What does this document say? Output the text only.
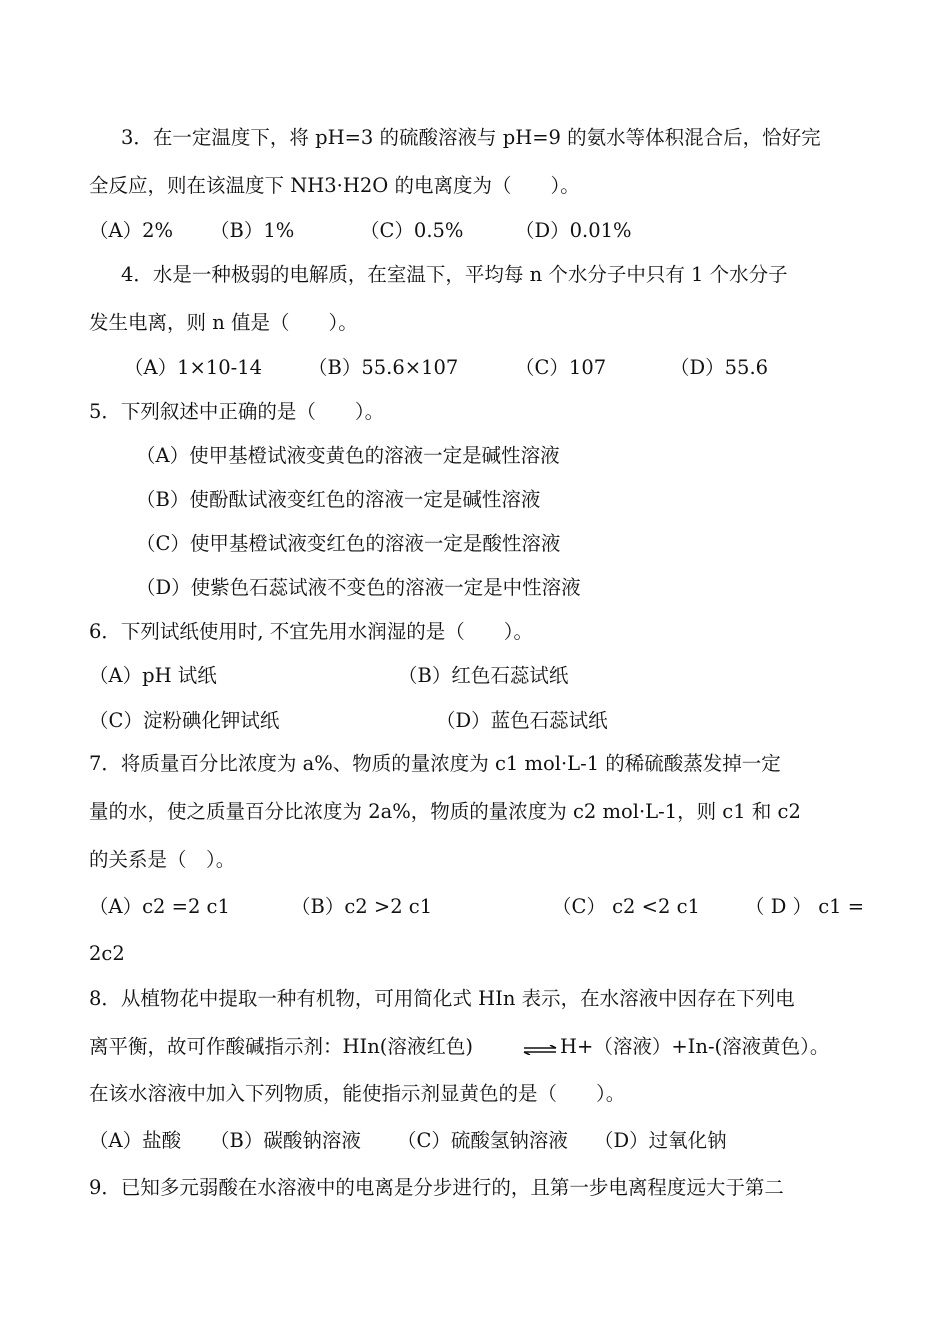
3．在一定温度下，将 pH=3 的硫酸溶液与 pH=9 的氨水等体积混合后，恰好完
全反应，则在该温度下 NH3·H2O 的电离度为（　　）。
（A）2% （B）1%	（C）0.5%	（D）0.01%
4．水是一种极弱的电解质，在室温下，平均每 n 个水分子中只有 1 个水分子
发生电离，则 n 值是（　　）。
（A）1×10-14 （B）55.6×107	（C）107	（D）55.6
5．下列叙述中正确的是（　　）。
（A）使甲基橙试液变黄色的溶液一定是碱性溶液
（B）使酚酞试液变红色的溶液一定是碱性溶液
（C）使甲基橙试液变红色的溶液一定是酸性溶液
（D）使紫色石蕊试液不变色的溶液一定是中性溶液
6．下列试纸使用时, 不宜先用水润湿的是（　　）。
（A）pH 试纸	（B）红色石蕊试纸
（C）淀粉碘化钾试纸	（D）蓝色石蕊试纸
7．将质量百分比浓度为 a%、物质的量浓度为 c1 mol·L-1 的稀硫酸蒸发掉一定
量的水，使之质量百分比浓度为 2a%，物质的量浓度为 c2 mol·L-1，则 c1 和 c2
的关系是（　）。
（A）c2 =2 c1	（B）c2 >2 c1	（C） c2 <2 c1 （ D ） c1 =
2c2
8．从植物花中提取一种有机物，可用简化式 HIn 表示，在水溶液中因存在下列电
离平衡，故可作酸碱指示剂：HIn(溶液红色)	⇌ H+（溶液）+In-(溶液黄色）。
在该水溶液中加入下列物质，能使指示剂显黄色的是（　　）。
（A）盐酸 （B）碳酸钠溶液 （C）硫酸氢钠溶液 （D）过氧化钠
9．已知多元弱酸在水溶液中的电离是分步进行的，且第一步电离程度远大于第二
